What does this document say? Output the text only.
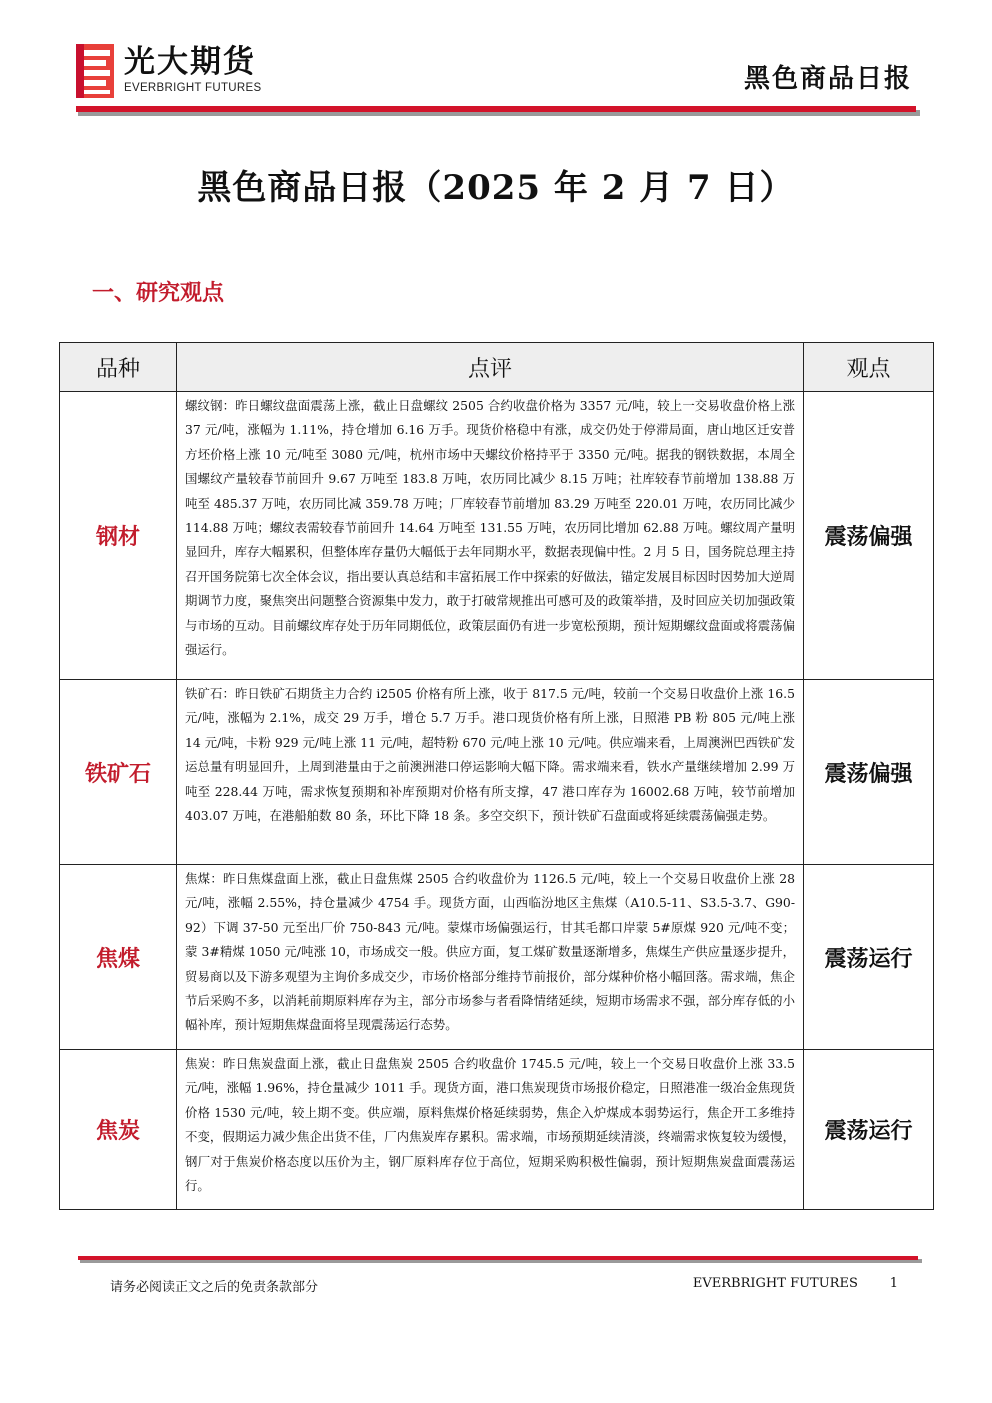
光大期货
EVERBRIGHT FUTURES	黑色商品日报
黑色商品日报（2025 年 2 月 7 日）
一、研究观点
品种	点评	观点
钢材	螺纹钢：昨日螺纹盘面震荡上涨，截止日盘螺纹 2505 合约收盘价格为 3357 元/吨，较上一交易收盘价格上涨 37 元/吨，涨幅为 1.11%，持仓增加 6.16 万手。现货价格稳中有涨，成交仍处于停滞局面，唐山地区迁安普方坯价格上涨 10 元/吨至 3080 元/吨，杭州市场中天螺纹价格持平于 3350 元/吨。据我的钢铁数据，本周全国螺纹产量较春节前回升 9.67 万吨至 183.8 万吨，农历同比减少 8.15 万吨；社库较春节前增加 138.88 万吨至 485.37 万吨，农历同比减 359.78 万吨；厂库较春节前增加 83.29 万吨至 220.01 万吨，农历同比减少 114.88 万吨；螺纹表需较春节前回升 14.64 万吨至 131.55 万吨，农历同比增加 62.88 万吨。螺纹周产量明显回升，库存大幅累积，但整体库存量仍大幅低于去年同期水平，数据表现偏中性。2 月 5 日，国务院总理主持召开国务院第七次全体会议，指出要认真总结和丰富拓展工作中探索的好做法，锚定发展目标因时因势加大逆周期调节力度，聚焦突出问题整合资源集中发力，敢于打破常规推出可感可及的政策举措，及时回应关切加强政策与市场的互动。目前螺纹库存处于历年同期低位，政策层面仍有进一步宽松预期，预计短期螺纹盘面或将震荡偏强运行。	震荡偏强
铁矿石	铁矿石：昨日铁矿石期货主力合约 i2505 价格有所上涨，收于 817.5 元/吨，较前一个交易日收盘价上涨 16.5 元/吨，涨幅为 2.1%，成交 29 万手，增仓 5.7 万手。港口现货价格有所上涨，日照港 PB 粉 805 元/吨上涨 14 元/吨，卡粉 929 元/吨上涨 11 元/吨，超特粉 670 元/吨上涨 10 元/吨。供应端来看，上周澳洲巴西铁矿发运总量有明显回升，上周到港量由于之前澳洲港口停运影响大幅下降。需求端来看，铁水产量继续增加 2.99 万吨至 228.44 万吨，需求恢复预期和补库预期对价格有所支撑，47 港口库存为 16002.68 万吨，较节前增加 403.07 万吨，在港船舶数 80 条，环比下降 18 条。多空交织下，预计铁矿石盘面或将延续震荡偏强走势。	震荡偏强
焦煤	焦煤：昨日焦煤盘面上涨，截止日盘焦煤 2505 合约收盘价为 1126.5 元/吨，较上一个交易日收盘价上涨 28 元/吨，涨幅 2.55%，持仓量减少 4754 手。现货方面，山西临汾地区主焦煤（A10.5-11、S3.5-3.7、G90-92）下调 37-50 元至出厂价 750-843 元/吨。蒙煤市场偏强运行，甘其毛都口岸蒙 5#原煤 920 元/吨不变；蒙 3#精煤 1050 元/吨涨 10，市场成交一般。供应方面，复工煤矿数量逐渐增多，焦煤生产供应量逐步提升，贸易商以及下游多观望为主询价多成交少，市场价格部分维持节前报价，部分煤种价格小幅回落。需求端，焦企节后采购不多，以消耗前期原料库存为主，部分市场参与者看降情绪延续，短期市场需求不强，部分库存低的小幅补库，预计短期焦煤盘面将呈现震荡运行态势。	震荡运行
焦炭	焦炭：昨日焦炭盘面上涨，截止日盘焦炭 2505 合约收盘价 1745.5 元/吨，较上一个交易日收盘价上涨 33.5 元/吨，涨幅 1.96%，持仓量减少 1011 手。现货方面，港口焦炭现货市场报价稳定，日照港准一级冶金焦现货价格 1530 元/吨，较上期不变。供应端，原料焦煤价格延续弱势，焦企入炉煤成本弱势运行，焦企开工多维持不变，假期运力减少焦企出货不佳，厂内焦炭库存累积。需求端，市场预期延续清淡，终端需求恢复较为缓慢，钢厂对于焦炭价格态度以压价为主，钢厂原料库存位于高位，短期采购积极性偏弱，预计短期焦炭盘面震荡运行。	震荡运行
请务必阅读正文之后的免责条款部分	EVERBRIGHT FUTURES 1
